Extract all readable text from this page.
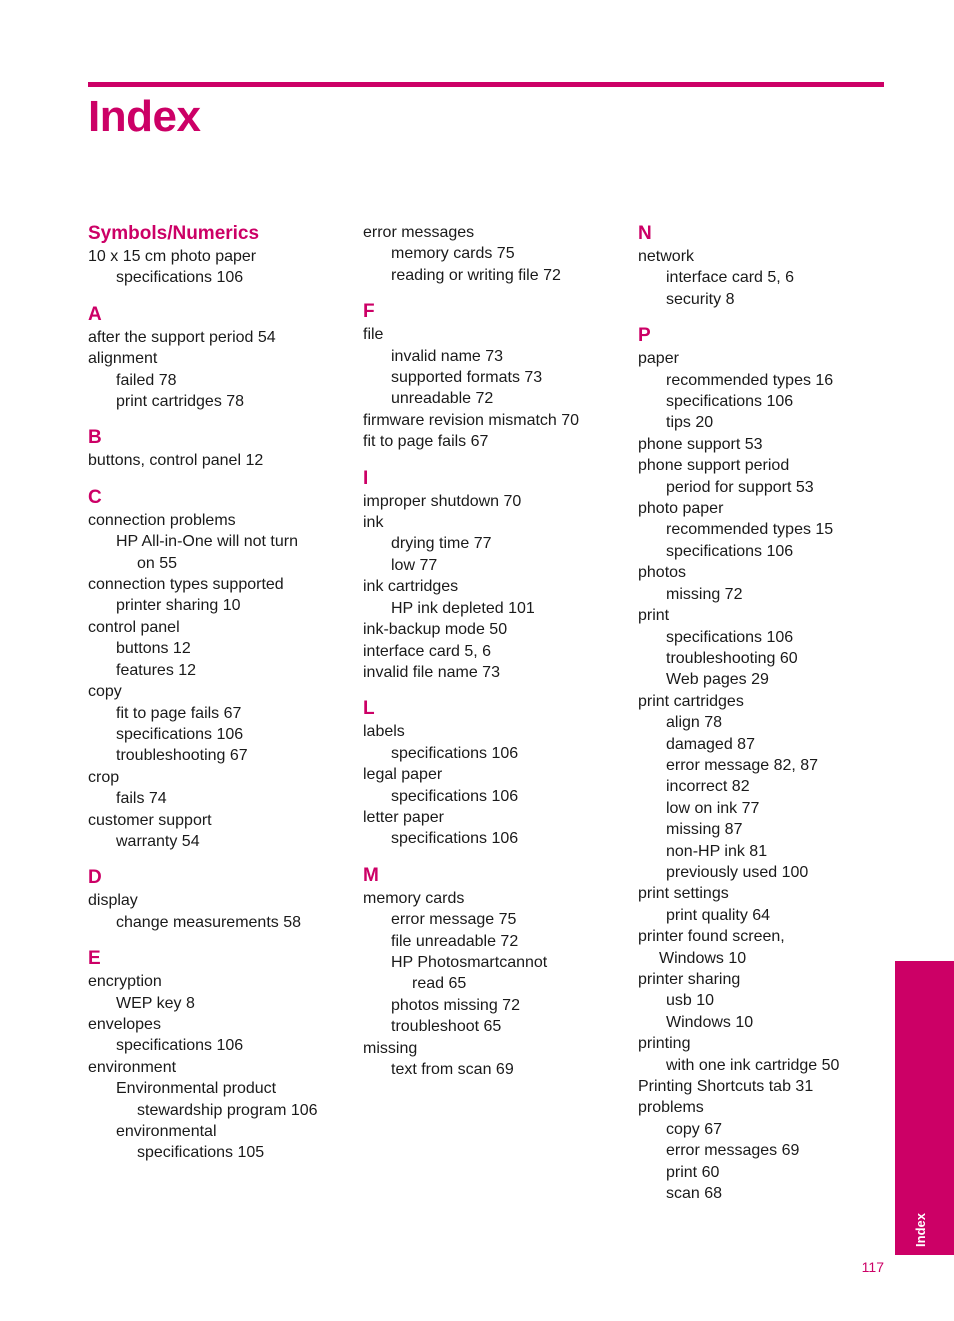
Index
Symbols/Numerics
10 x 15 cm photo paper
specifications 106
A
after the support period 54
alignment
failed 78
print cartridges 78
B
buttons, control panel 12
C
connection problems
HP All-in-One will not turn
on 55
connection types supported
printer sharing 10
control panel
buttons 12
features 12
copy
fit to page fails 67
specifications 106
troubleshooting 67
crop
fails 74
customer support
warranty 54
D
display
change measurements 58
E
encryption
WEP key 8
envelopes
specifications 106
environment
Environmental product
stewardship program 106
environmental
specifications 105
error messages
memory cards 75
reading or writing file 72
F
file
invalid name 73
supported formats 73
unreadable 72
firmware revision mismatch 70
fit to page fails 67
I
improper shutdown 70
ink
drying time 77
low 77
ink cartridges
HP ink depleted 101
ink-backup mode 50
interface card 5, 6
invalid file name 73
L
labels
specifications 106
legal paper
specifications 106
letter paper
specifications 106
M
memory cards
error message 75
file unreadable 72
HP Photosmartcannot
read 65
photos missing 72
troubleshoot 65
missing
text from scan 69
N
network
interface card 5, 6
security 8
P
paper
recommended types 16
specifications 106
tips 20
phone support 53
phone support period
period for support 53
photo paper
recommended types 15
specifications 106
photos
missing 72
print
specifications 106
troubleshooting 60
Web pages 29
print cartridges
align 78
damaged 87
error message 82, 87
incorrect 82
low on ink 77
missing 87
non-HP ink 81
previously used 100
print settings
print quality 64
printer found screen,
Windows 10
printer sharing
usb 10
Windows 10
printing
with one ink cartridge 50
Printing Shortcuts tab 31
problems
copy 67
error messages 69
print 60
scan 68
Index
117
